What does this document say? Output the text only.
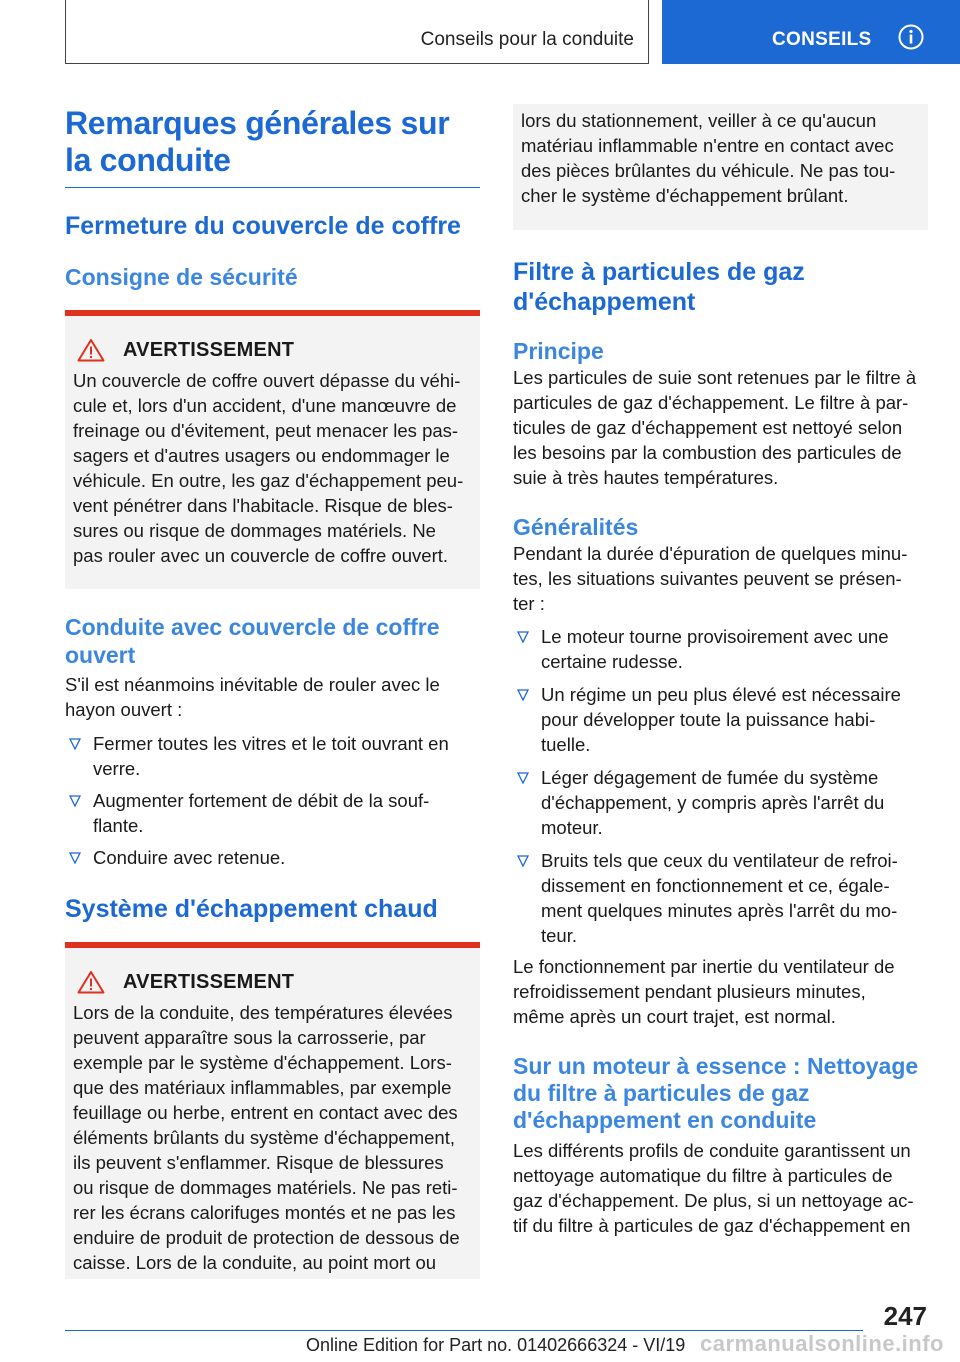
Conseils pour la conduite	CONSEILS
Remarques générales sur la conduite
Fermeture du couvercle de coffre
Consigne de sécurité
AVERTISSEMENT
Un couvercle de coffre ouvert dépasse du véhi-
cule et, lors d'un accident, d'une manœuvre de
freinage ou d'évitement, peut menacer les pas-
sagers et d'autres usagers ou endommager le
véhicule. En outre, les gaz d'échappement peu-
vent pénétrer dans l'habitacle. Risque de bles-
sures ou risque de dommages matériels. Ne
pas rouler avec un couvercle de coffre ouvert.
Conduite avec couvercle de coffre ouvert
S'il est néanmoins inévitable de rouler avec le
hayon ouvert :
Fermer toutes les vitres et le toit ouvrant en
verre.
Augmenter fortement de débit de la souf-
flante.
Conduire avec retenue.
Système d'échappement chaud
AVERTISSEMENT
Lors de la conduite, des températures élevées
peuvent apparaître sous la carrosserie, par
exemple par le système d'échappement. Lors-
que des matériaux inflammables, par exemple
feuillage ou herbe, entrent en contact avec des
éléments brûlants du système d'échappement,
ils peuvent s'enflammer. Risque de blessures
ou risque de dommages matériels. Ne pas reti-
rer les écrans calorifuges montés et ne pas les
enduire de produit de protection de dessous de
caisse. Lors de la conduite, au point mort ou
lors du stationnement, veiller à ce qu'aucun
matériau inflammable n'entre en contact avec
des pièces brûlantes du véhicule. Ne pas tou-
cher le système d'échappement brûlant.
Filtre à particules de gaz d'échappement
Principe
Les particules de suie sont retenues par le filtre à
particules de gaz d'échappement. Le filtre à par-
ticules de gaz d'échappement est nettoyé selon
les besoins par la combustion des particules de
suie à très hautes températures.
Généralités
Pendant la durée d'épuration de quelques minu-
tes, les situations suivantes peuvent se présen-
ter :
Le moteur tourne provisoirement avec une
certaine rudesse.
Un régime un peu plus élevé est nécessaire
pour développer toute la puissance habi-
tuelle.
Léger dégagement de fumée du système
d'échappement, y compris après l'arrêt du
moteur.
Bruits tels que ceux du ventilateur de refroi-
dissement en fonctionnement et ce, égale-
ment quelques minutes après l'arrêt du mo-
teur.
Le fonctionnement par inertie du ventilateur de
refroidissement pendant plusieurs minutes,
même après un court trajet, est normal.
Sur un moteur à essence : Nettoyage du filtre à particules de gaz d'échappement en conduite
Les différents profils de conduite garantissent un
nettoyage automatique du filtre à particules de
gaz d'échappement. De plus, si un nettoyage ac-
tif du filtre à particules de gaz d'échappement en
247
Online Edition for Part no. 01402666324 - VI/19 carmanualsonline.info
